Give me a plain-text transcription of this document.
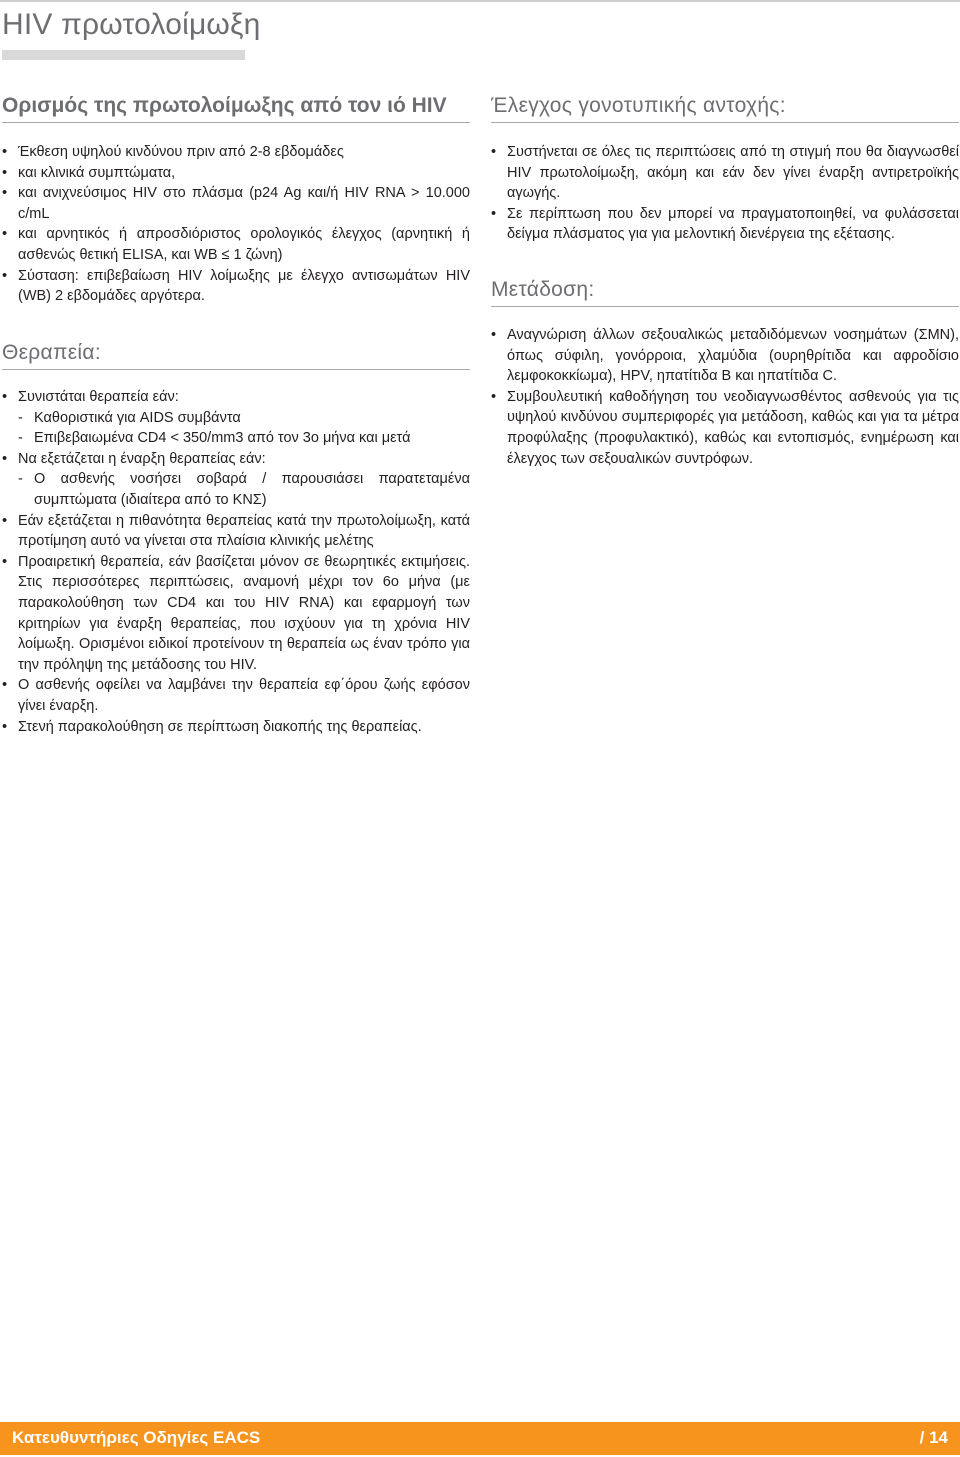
HIV πρωτολοίμωξη
Ορισμός της πρωτολοίμωξης από τον ιό HIV
• Έκθεση υψηλού κινδύνου πριν από 2-8 εβδομάδες
• και κλινικά συμπτώματα,
• και ανιχνεύσιμος HIV στο πλάσμα (p24 Ag και/ή HIV RNA > 10.000 c/mL
• και αρνητικός ή απροσδιόριστος ορολογικός έλεγχος (αρνητική ή ασθενώς θετική ELISA, και WB ≤ 1 ζώνη)
• Σύσταση: επιβεβαίωση HIV λοίμωξης με έλεγχο αντισωμάτων HIV (WB) 2 εβδομάδες αργότερα.
Θεραπεία:
• Συνιστάται θεραπεία εάν:
- Καθοριστικά για AIDS συμβάντα
- Επιβεβαιωμένα CD4 < 350/mm3 από τον 3ο μήνα και μετά
• Να εξετάζεται η έναρξη θεραπείας εάν:
- Ο ασθενής νοσήσει σοβαρά / παρουσιάσει παρατεταμένα συμπτώματα (ιδιαίτερα από το ΚΝΣ)
• Εάν εξετάζεται η πιθανότητα θεραπείας κατά την πρωτολοίμωξη, κατά προτίμηση αυτό να γίνεται στα πλαίσια κλινικής μελέτης
• Προαιρετική θεραπεία, εάν βασίζεται μόνον σε θεωρητικές εκτιμήσεις. Στις περισσότερες περιπτώσεις, αναμονή μέχρι τον 6ο μήνα (με παρακολούθηση των CD4 και του HIV RNA) και εφαρμογή των κριτηρίων για έναρξη θεραπείας, που ισχύουν για τη χρόνια HIV λοίμωξη. Ορισμένοι ειδικοί προτείνουν τη θεραπεία ως έναν τρόπο για την πρόληψη της μετάδοσης του HIV.
• Ο ασθενής οφείλει να λαμβάνει την θεραπεία εφ΄όρου ζωής εφόσον γίνει έναρξη.
• Στενή παρακολούθηση σε περίπτωση διακοπής της θεραπείας.
Έλεγχος γονοτυπικής αντοχής:
• Συστήνεται σε όλες τις περιπτώσεις από τη στιγμή που θα διαγνωσθεί HIV πρωτολοίμωξη, ακόμη και εάν δεν γίνει έναρξη αντιρετροϊκής αγωγής.
• Σε περίπτωση που δεν μπορεί να πραγματοποιηθεί, να φυλάσσεται δείγμα πλάσματος για για μελοντική διενέργεια της εξέτασης.
Μετάδοση:
• Αναγνώριση άλλων σεξουαλικώς μεταδιδόμενων νοσημάτων (ΣΜΝ), όπως σύφιλη, γονόρροια, χλαμύδια (ουρηθρίτιδα και αφροδίσιο λεμφοκοκκίωμα), HPV, ηπατίτιδα Β και ηπατίτιδα C.
• Συμβουλευτική καθοδήγηση του νεοδιαγνωσθέντος ασθενούς για τις υψηλού κινδύνου συμπεριφορές για μετάδοση, καθώς και για τα μέτρα προφύλαξης (προφυλακτικό), καθώς και εντοπισμός, ενημέρωση και έλεγχος των σεξουαλικών συντρόφων.
Κατευθυντήριες Οδηγίες EACS	/ 14
